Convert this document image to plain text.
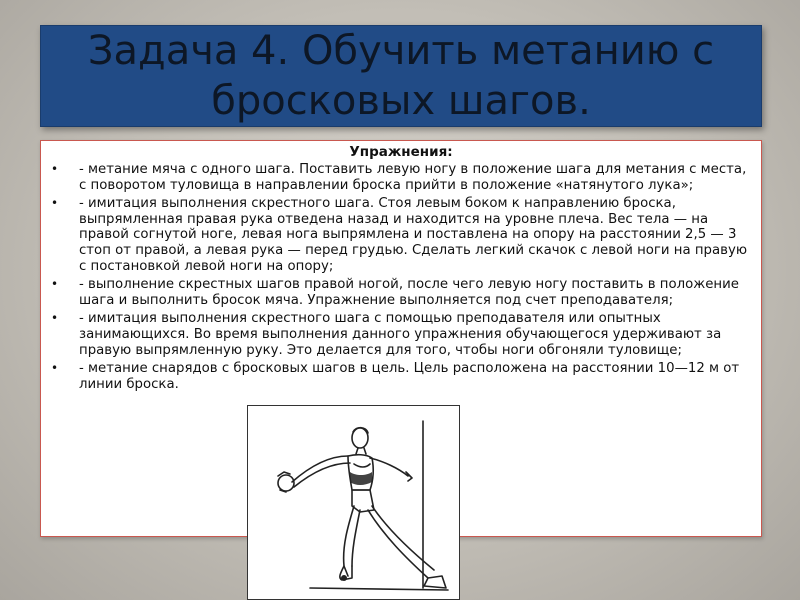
Задача 4. Обучить метанию с бросковых шагов.
Упражнения:
• - метание мяча с одного шага. Поставить левую ногу в положение шага для метания с места, с поворотом туловища в направлении броска прийти в положение «натянутого лука»;
• - имитация выполнения скрестного шага. Стоя левым боком к направлению броска, выпрямленная правая рука отведена назад и находится на уровне плеча. Вес тела — на правой согнутой ноге, левая нога выпрямлена и поставлена на опору на расстоянии 2,5 — 3 стоп от правой, а левая рука — перед грудью. Сделать легкий скачок с левой ноги на правую с постановкой левой ноги на опору;
• - выполнение скрестных шагов правой ногой, после чего левую ногу поставить в положение шага и выполнить бросок мяча. Упражнение выполняется под счет преподавателя;
• - имитация выполнения скрестного шага с помощью преподавателя или опытных занимающихся. Во время выполнения данного упражнения обучающегося удерживают за правую выпрямленную руку. Это делается для того, чтобы ноги обгоняли туловище;
• - метание снарядов с бросковых шагов в цель. Цель расположена на расстоянии 10—12 м от линии броска.
